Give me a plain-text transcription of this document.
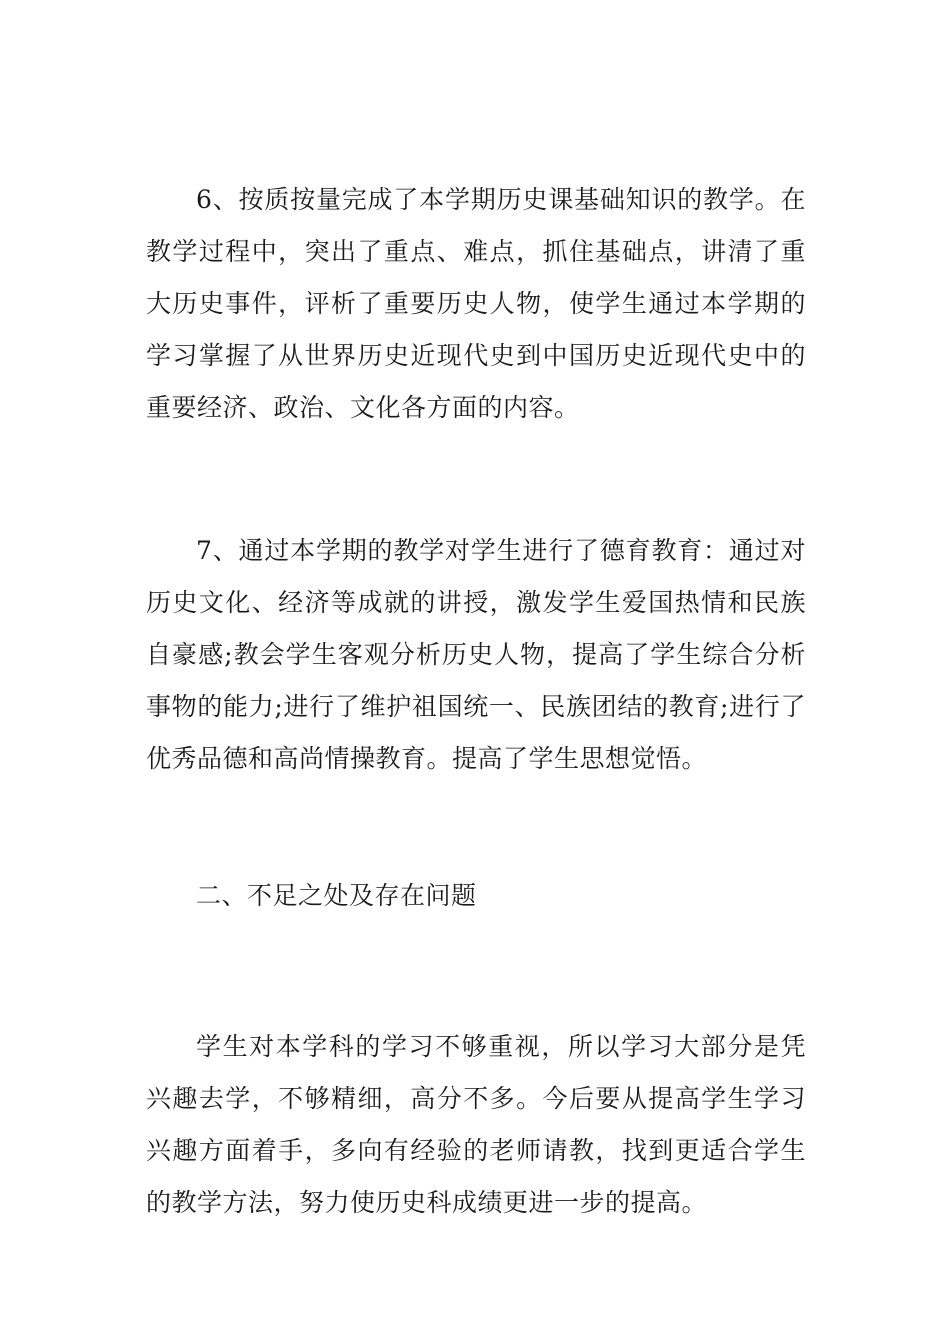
6、按质按量完成了本学期历史课基础知识的教学。在教学过程中，突出了重点、难点，抓住基础点，讲清了重大历史事件，评析了重要历史人物，使学生通过本学期的学习掌握了从世界历史近现代史到中国历史近现代史中的重要经济、政治、文化各方面的内容。

7、通过本学期的教学对学生进行了德育教育：通过对历史文化、经济等成就的讲授，激发学生爱国热情和民族自豪感;教会学生客观分析历史人物，提高了学生综合分析事物的能力;进行了维护祖国统一、民族团结的教育;进行了优秀品德和高尚情操教育。提高了学生思想觉悟。

二、不足之处及存在问题

学生对本学科的学习不够重视，所以学习大部分是凭兴趣去学，不够精细，高分不多。今后要从提高学生学习兴趣方面着手，多向有经验的老师请教，找到更适合学生的教学方法，努力使历史科成绩更进一步的提高。
